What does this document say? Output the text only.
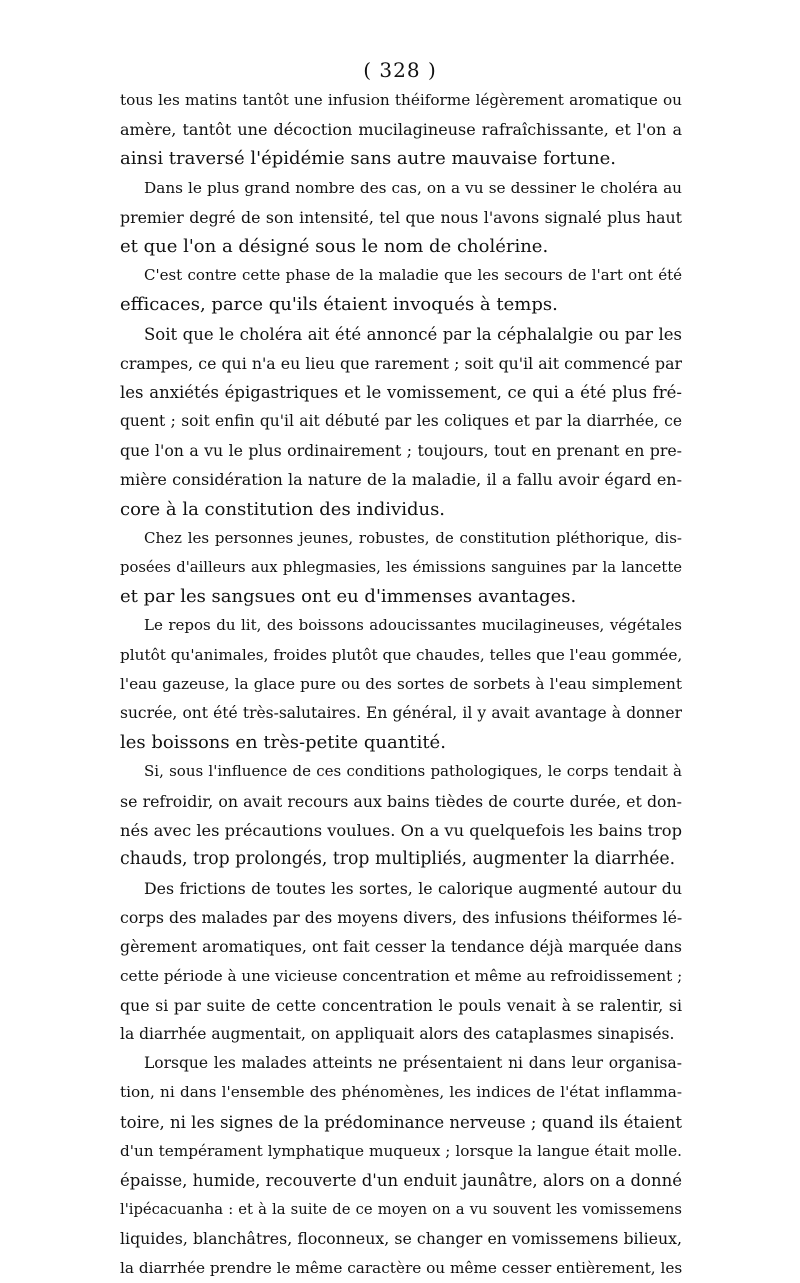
( 328 )
tous les matins tantôt une infusion théiforme légèrement aromatique ou
amère, tantôt une décoction mucilagineuse rafraîchissante, et l'on a
ainsi traversé l'épidémie sans autre mauvaise fortune.
Dans le plus grand nombre des cas, on a vu se dessiner le choléra au
premier degré de son intensité, tel que nous l'avons signalé plus haut
et que l'on a désigné sous le nom de cholérine.
C'est contre cette phase de la maladie que les secours de l'art ont été
efficaces, parce qu'ils étaient invoqués à temps.
Soit que le choléra ait été annoncé par la céphalalgie ou par les
crampes, ce qui n'a eu lieu que rarement ; soit qu'il ait commencé par
les anxiétés épigastriques et le vomissement, ce qui a été plus fré-
quent ; soit enfin qu'il ait débuté par les coliques et par la diarrhée, ce
que l'on a vu le plus ordinairement ; toujours, tout en prenant en pre-
mière considération la nature de la maladie, il a fallu avoir égard en-
core à la constitution des individus.
Chez les personnes jeunes, robustes, de constitution pléthorique, dis-
posées d'ailleurs aux phlegmasies, les émissions sanguines par la lancette
et par les sangsues ont eu d'immenses avantages.
Le repos du lit, des boissons adoucissantes mucilagineuses, végétales
plutôt qu'animales, froides plutôt que chaudes, telles que l'eau gommée,
l'eau gazeuse, la glace pure ou des sortes de sorbets à l'eau simplement
sucrée, ont été très-salutaires. En général, il y avait avantage à donner
les boissons en très-petite quantité.
Si, sous l'influence de ces conditions pathologiques, le corps tendait à
se refroidir, on avait recours aux bains tièdes de courte durée, et don-
nés avec les précautions voulues. On a vu quelquefois les bains trop
chauds, trop prolongés, trop multipliés, augmenter la diarrhée.
Des frictions de toutes les sortes, le calorique augmenté autour du
corps des malades par des moyens divers, des infusions théiformes lé-
gèrement aromatiques, ont fait cesser la tendance déjà marquée dans
cette période à une vicieuse concentration et même au refroidissement ;
que si par suite de cette concentration le pouls venait à se ralentir, si
la diarrhée augmentait, on appliquait alors des cataplasmes sinapisés.
Lorsque les malades atteints ne présentaient ni dans leur organisa-
tion, ni dans l'ensemble des phénomènes, les indices de l'état inflamma-
toire, ni les signes de la prédominance nerveuse ; quand ils étaient
d'un tempérament lymphatique muqueux ; lorsque la langue était molle.
épaisse, humide, recouverte d'un enduit jaunâtre, alors on a donné
l'ipécacuanha : et à la suite de ce moyen on a vu souvent les vomissemens
liquides, blanchâtres, floconneux, se changer en vomissemens bilieux,
la diarrhée prendre le même caractère ou même cesser entièrement, les
